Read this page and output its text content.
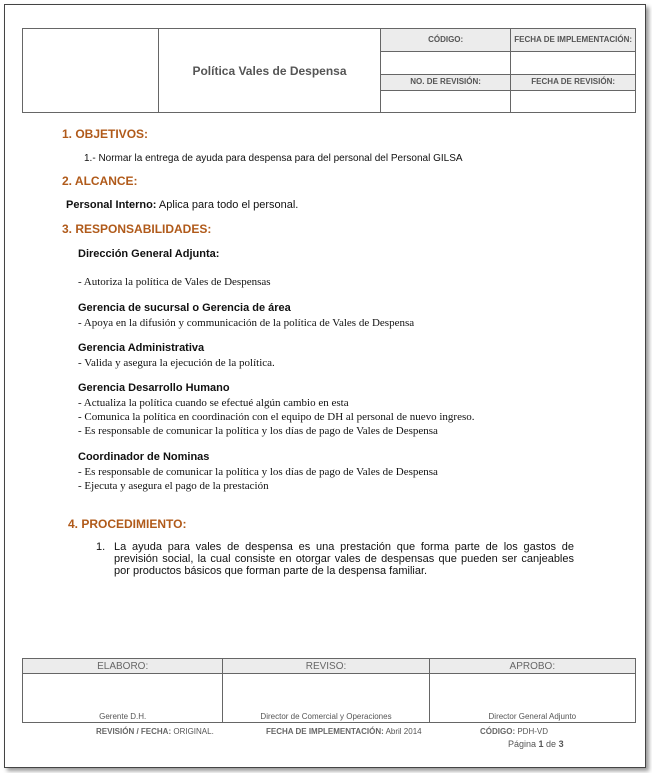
	Política Vales de Despensa	CÓDIGO:	FECHA DE IMPLEMENTACIÓN:

		NO. DE REVISIÓN:	FECHA DE REVISIÓN:

1. OBJETIVOS:
1.- Normar la entrega de ayuda para despensa para del personal del Personal GILSA
2. ALCANCE:
Personal Interno: Aplica para todo el personal.
3. RESPONSABILIDADES:
Dirección General Adjunta:
- Autoriza la política de Vales de Despensas
Gerencia de sucursal o Gerencia de área
- Apoya en la difusión y communicación de la política de Vales de Despensa
Gerencia Administrativa
- Valida y asegura la ejecución de la política.
Gerencia Desarrollo Humano
- Actualiza la política cuando se efectué algún cambio en esta
- Comunica la política en coordinación con el equipo de DH al personal de nuevo ingreso.
- Es responsable de comunicar la política y los días de pago de Vales de Despensa
Coordinador de Nominas
- Es responsable de comunicar la política y los días de pago de Vales de Despensa
- Ejecuta y asegura el pago de la prestación
4. PROCEDIMIENTO:
1. La ayuda para vales de despensa es una prestación que forma parte de los gastos de previsión social, la cual consiste en otorgar vales de despensas que pueden ser canjeables por productos básicos que forman parte de la despensa familiar.
ELABORO:	REVISO:	APROBO:

Gerente D.H.	Director de Comercial y Operaciones	Director General Adjunto
REVISIÓN / FECHA: ORIGINAL.	FECHA DE IMPLEMENTACIÓN: Abril 2014	CÓDIGO: PDH-VD
Página 1 de 3
